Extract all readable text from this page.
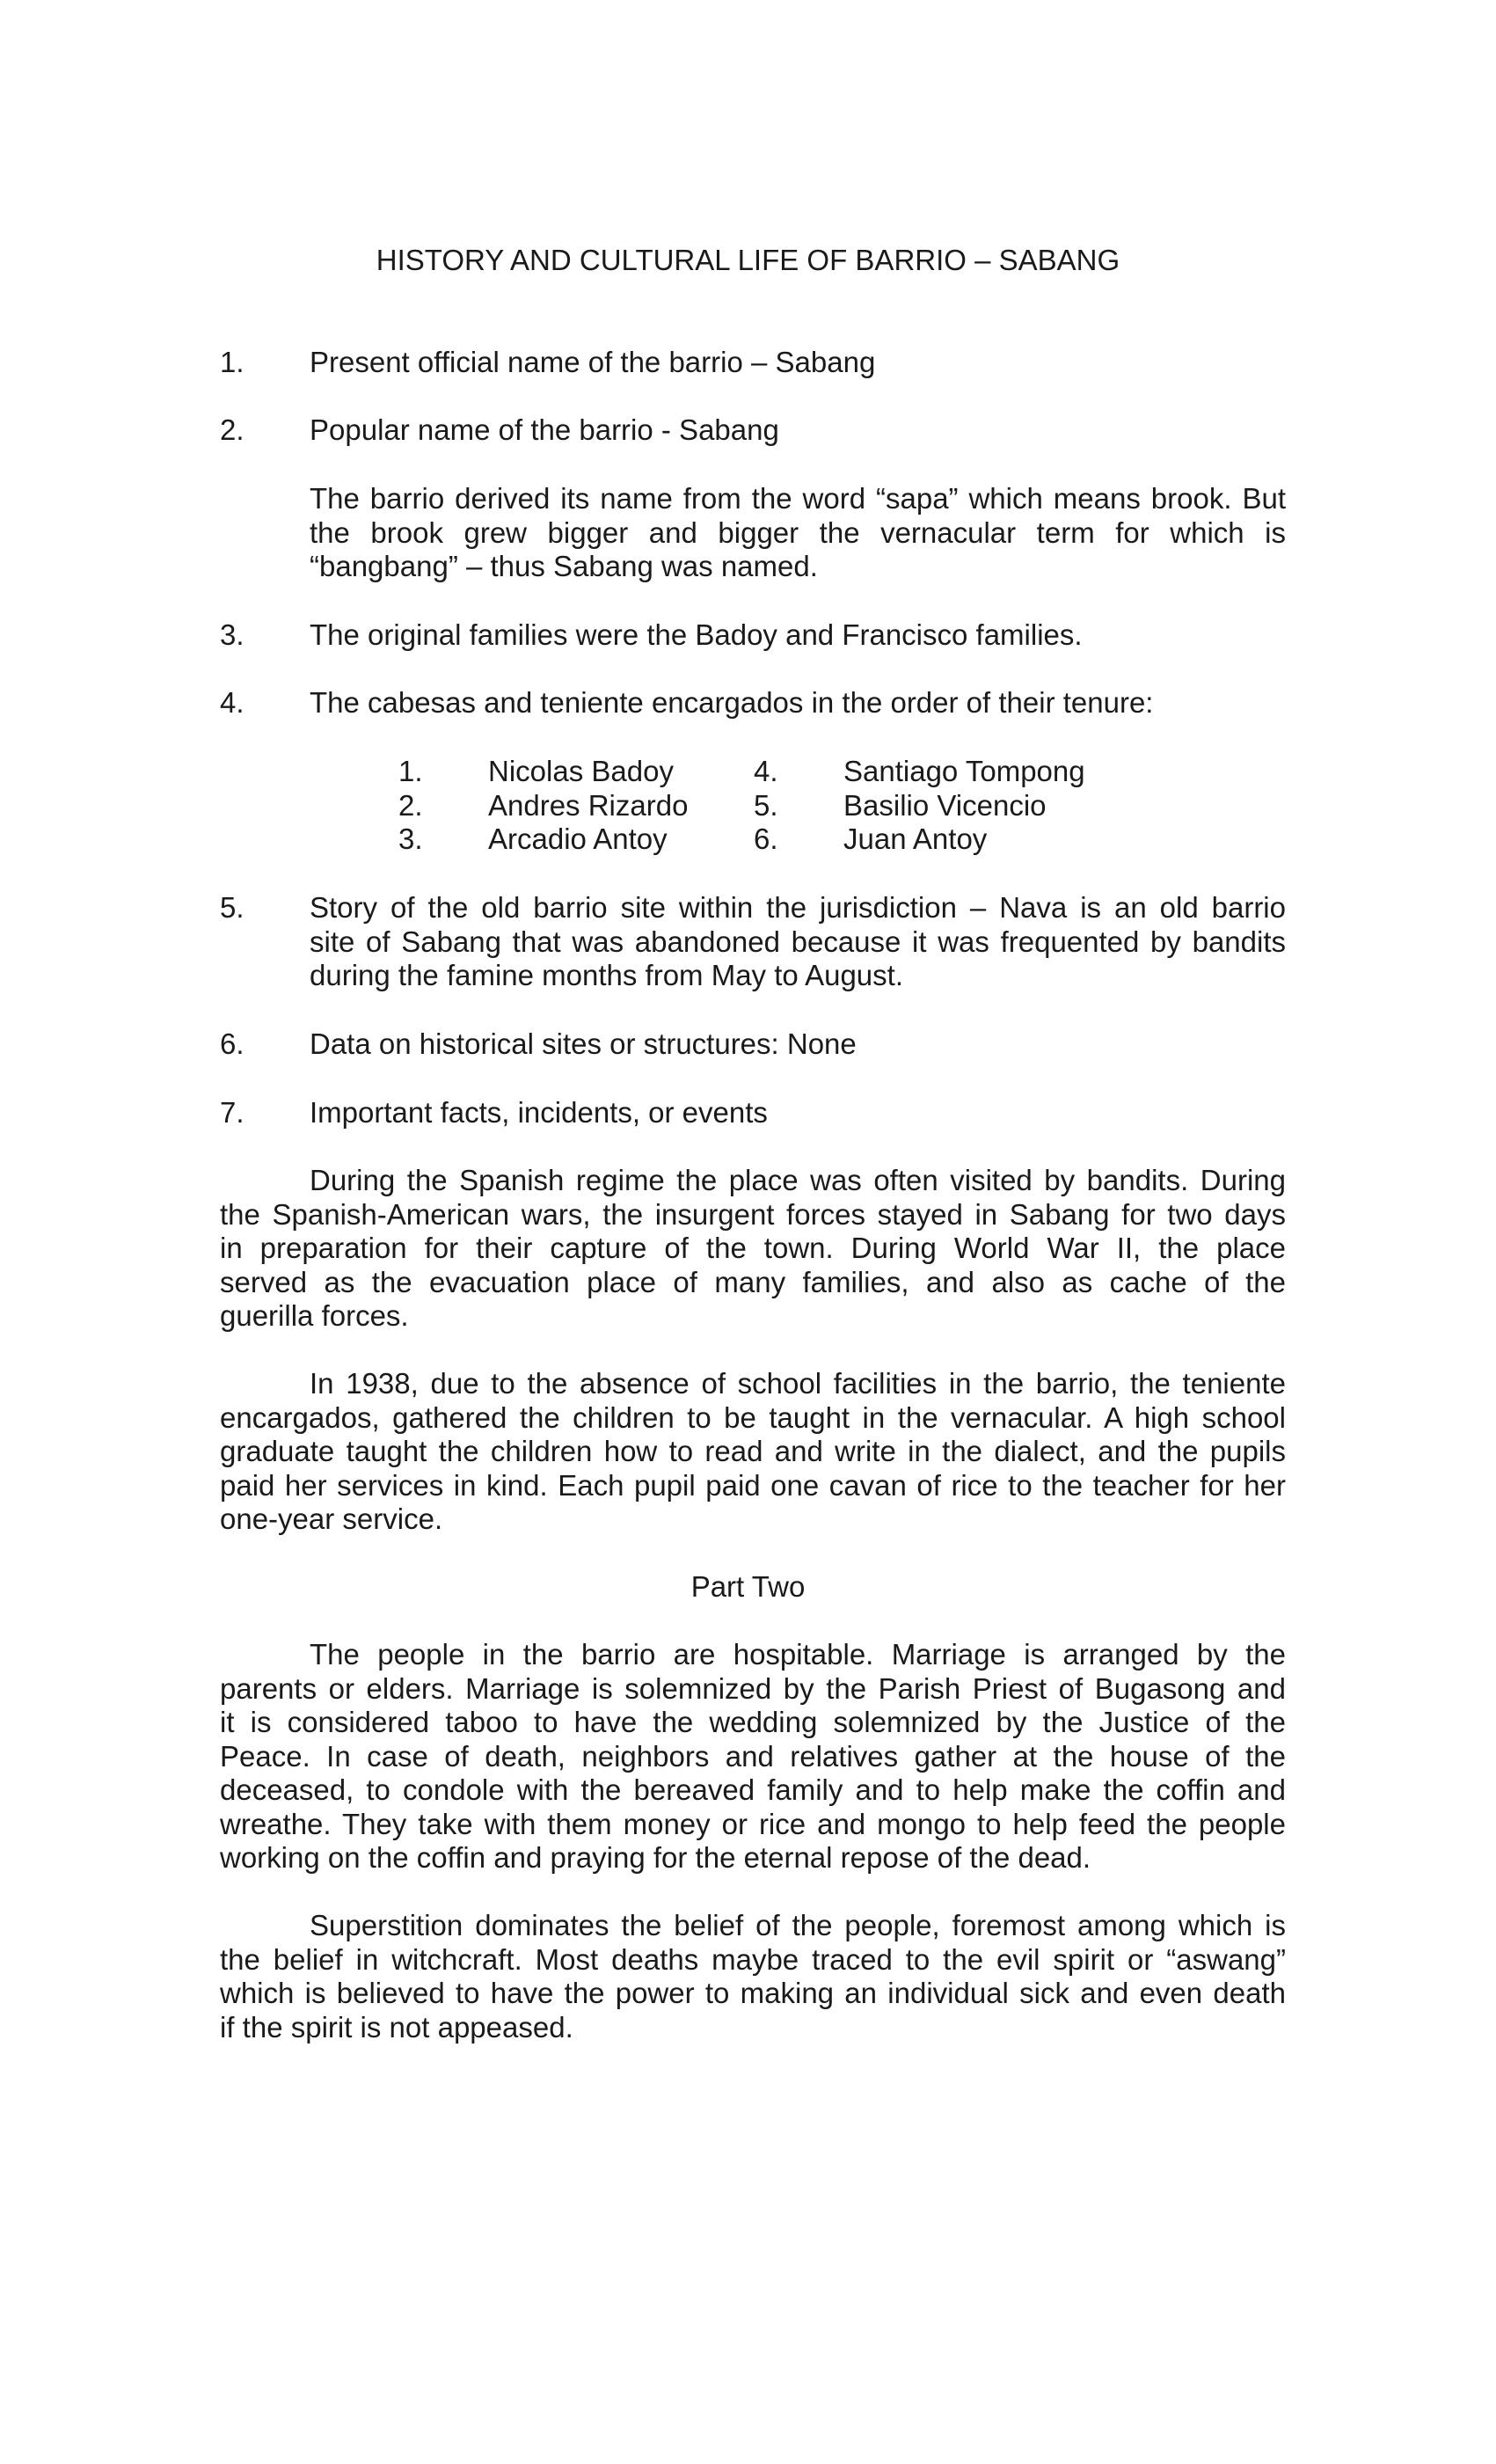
HISTORY AND CULTURAL LIFE OF BARRIO – SABANG
1. Present official name of the barrio – Sabang
2. Popular name of the barrio - Sabang
The barrio derived its name from the word “sapa” which means brook. But
the brook grew bigger and bigger the vernacular term for which is
“bangbang” – thus Sabang was named.
3. The original families were the Badoy and Francisco families.
4. The cabesas and teniente encargados in the order of their tenure:
1. Nicolas Badoy
2. Andres Rizardo
3. Arcadio Antoy
4. Santiago Tompong
5. Basilio Vicencio
6. Juan Antoy
5. Story of the old barrio site within the jurisdiction – Nava is an old barrio
site of Sabang that was abandoned because it was frequented by bandits
during the famine months from May to August.
6. Data on historical sites or structures: None
7. Important facts, incidents, or events
During the Spanish regime the place was often visited by bandits. During
the Spanish-American wars, the insurgent forces stayed in Sabang for two days
in preparation for their capture of the town. During World War II, the place
served as the evacuation place of many families, and also as cache of the
guerilla forces.
In 1938, due to the absence of school facilities in the barrio, the teniente
encargados, gathered the children to be taught in the vernacular. A high school
graduate taught the children how to read and write in the dialect, and the pupils
paid her services in kind. Each pupil paid one cavan of rice to the teacher for her
one-year service.
Part Two
The people in the barrio are hospitable. Marriage is arranged by the
parents or elders. Marriage is solemnized by the Parish Priest of Bugasong and
it is considered taboo to have the wedding solemnized by the Justice of the
Peace. In case of death, neighbors and relatives gather at the house of the
deceased, to condole with the bereaved family and to help make the coffin and
wreathe. They take with them money or rice and mongo to help feed the people
working on the coffin and praying for the eternal repose of the dead.
Superstition dominates the belief of the people, foremost among which is
the belief in witchcraft. Most deaths maybe traced to the evil spirit or “aswang”
which is believed to have the power to making an individual sick and even death
if the spirit is not appeased.
